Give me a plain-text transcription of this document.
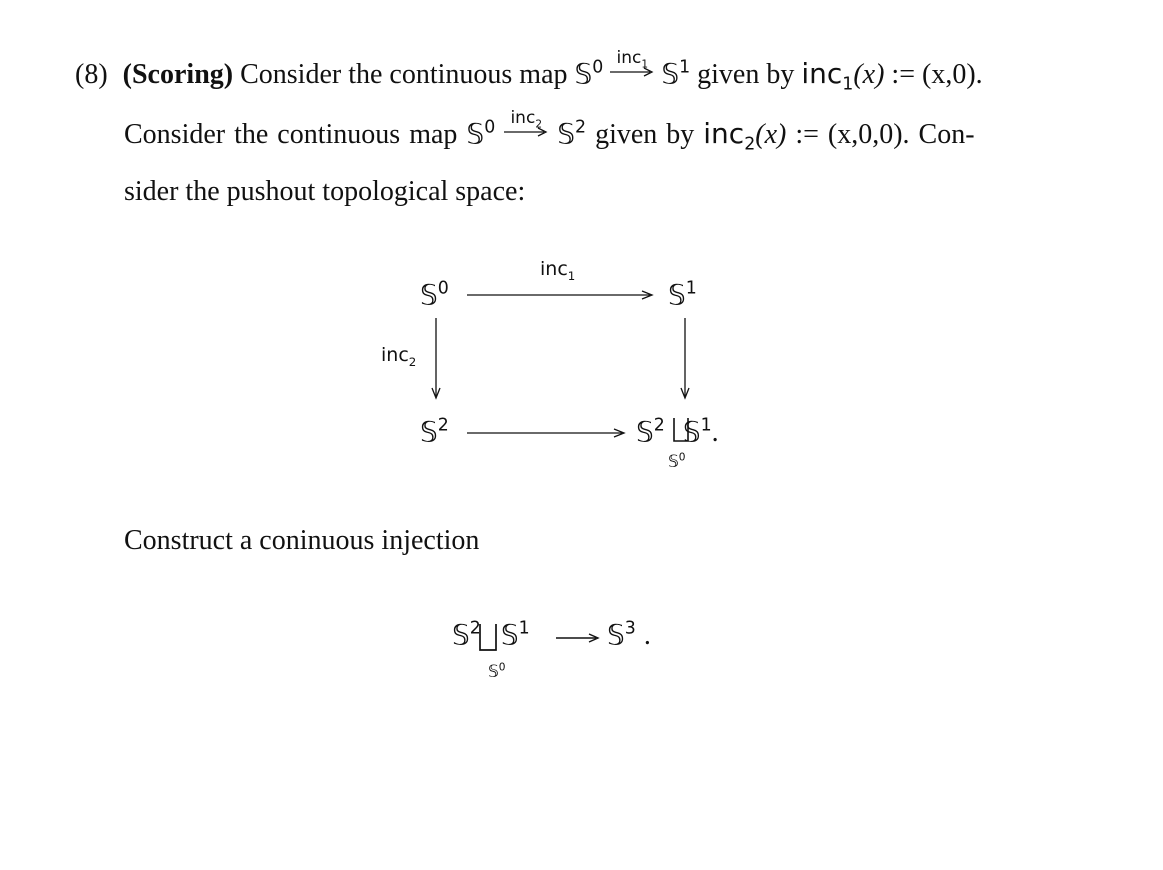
(8) (Scoring) Consider the continuous map 𝕊$^0$ inc$_1$ 𝕊$^1$ given by inc$_1$(x) := (x,0).
Consider the continuous map 𝕊$^0$ inc$_2$ 𝕊$^2$ given by inc$_2$(x) := (x,0,0). Con-
sider the pushout topological space:
inc$_1$
inc$_2$
𝕊$^0$	𝕊$^1$
𝕊$^2$	𝕊$^2$ 𝕊$^1$.
𝕊$^0$
Construct a coninuous injection
𝕊$^2$ 𝕊$^1$
𝕊$^0$
𝕊$^3$ .
